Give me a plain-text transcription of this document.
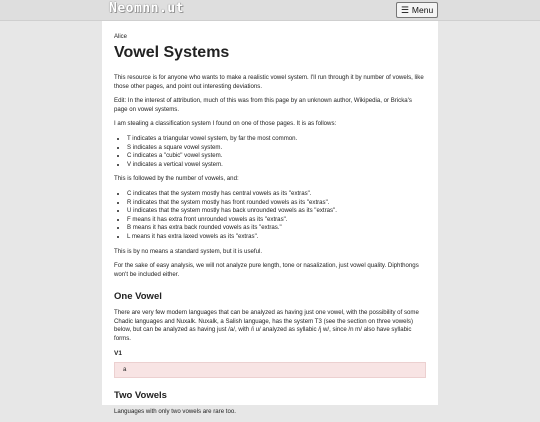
Neomnn.ut	☰ Menu
Alice
Vowel Systems

This resource is for anyone who wants to make a realistic vowel system. I'll run through it by number of vowels, like those other pages, and point out interesting deviations.

Edit: In the interest of attribution, much of this was from this page by an unknown author, Wikipedia, or Bricka's page on vowel systems.

I am stealing a classification system I found on one of those pages. It is as follows:

• T indicates a triangular vowel system, by far the most common.
• S indicates a square vowel system.
• C indicates a "cubic" vowel system.
• V indicates a vertical vowel system.

This is followed by the number of vowels, and:

• C indicates that the system mostly has central vowels as its "extras".
• R indicates that the system mostly has front rounded vowels as its "extras".
• U indicates that the system mostly has back unrounded vowels as its "extras".
• F means it has extra front unrounded vowels as its "extras".
• B means it has extra back rounded vowels as its "extras."
• L means it has extra laxed vowels as its "extras".

This is by no means a standard system, but it is useful.

For the sake of easy analysis, we will not analyze pure length, tone or nasalization, just vowel quality. Diphthongs won't be included either.

One Vowel

There are very few modern languages that can be analyzed as having just one vowel, with the possibility of some Chadic languages and Nuxalk. Nuxalk, a Salish language, has the system T3 (see the section on three vowels) below, but can be analyzed as having just /a/, with /i u/ analyzed as syllabic /j w/, since /n m/ also have syllabic forms.

V1
a
Two Vowels

Languages with only two vowels are rare too.
